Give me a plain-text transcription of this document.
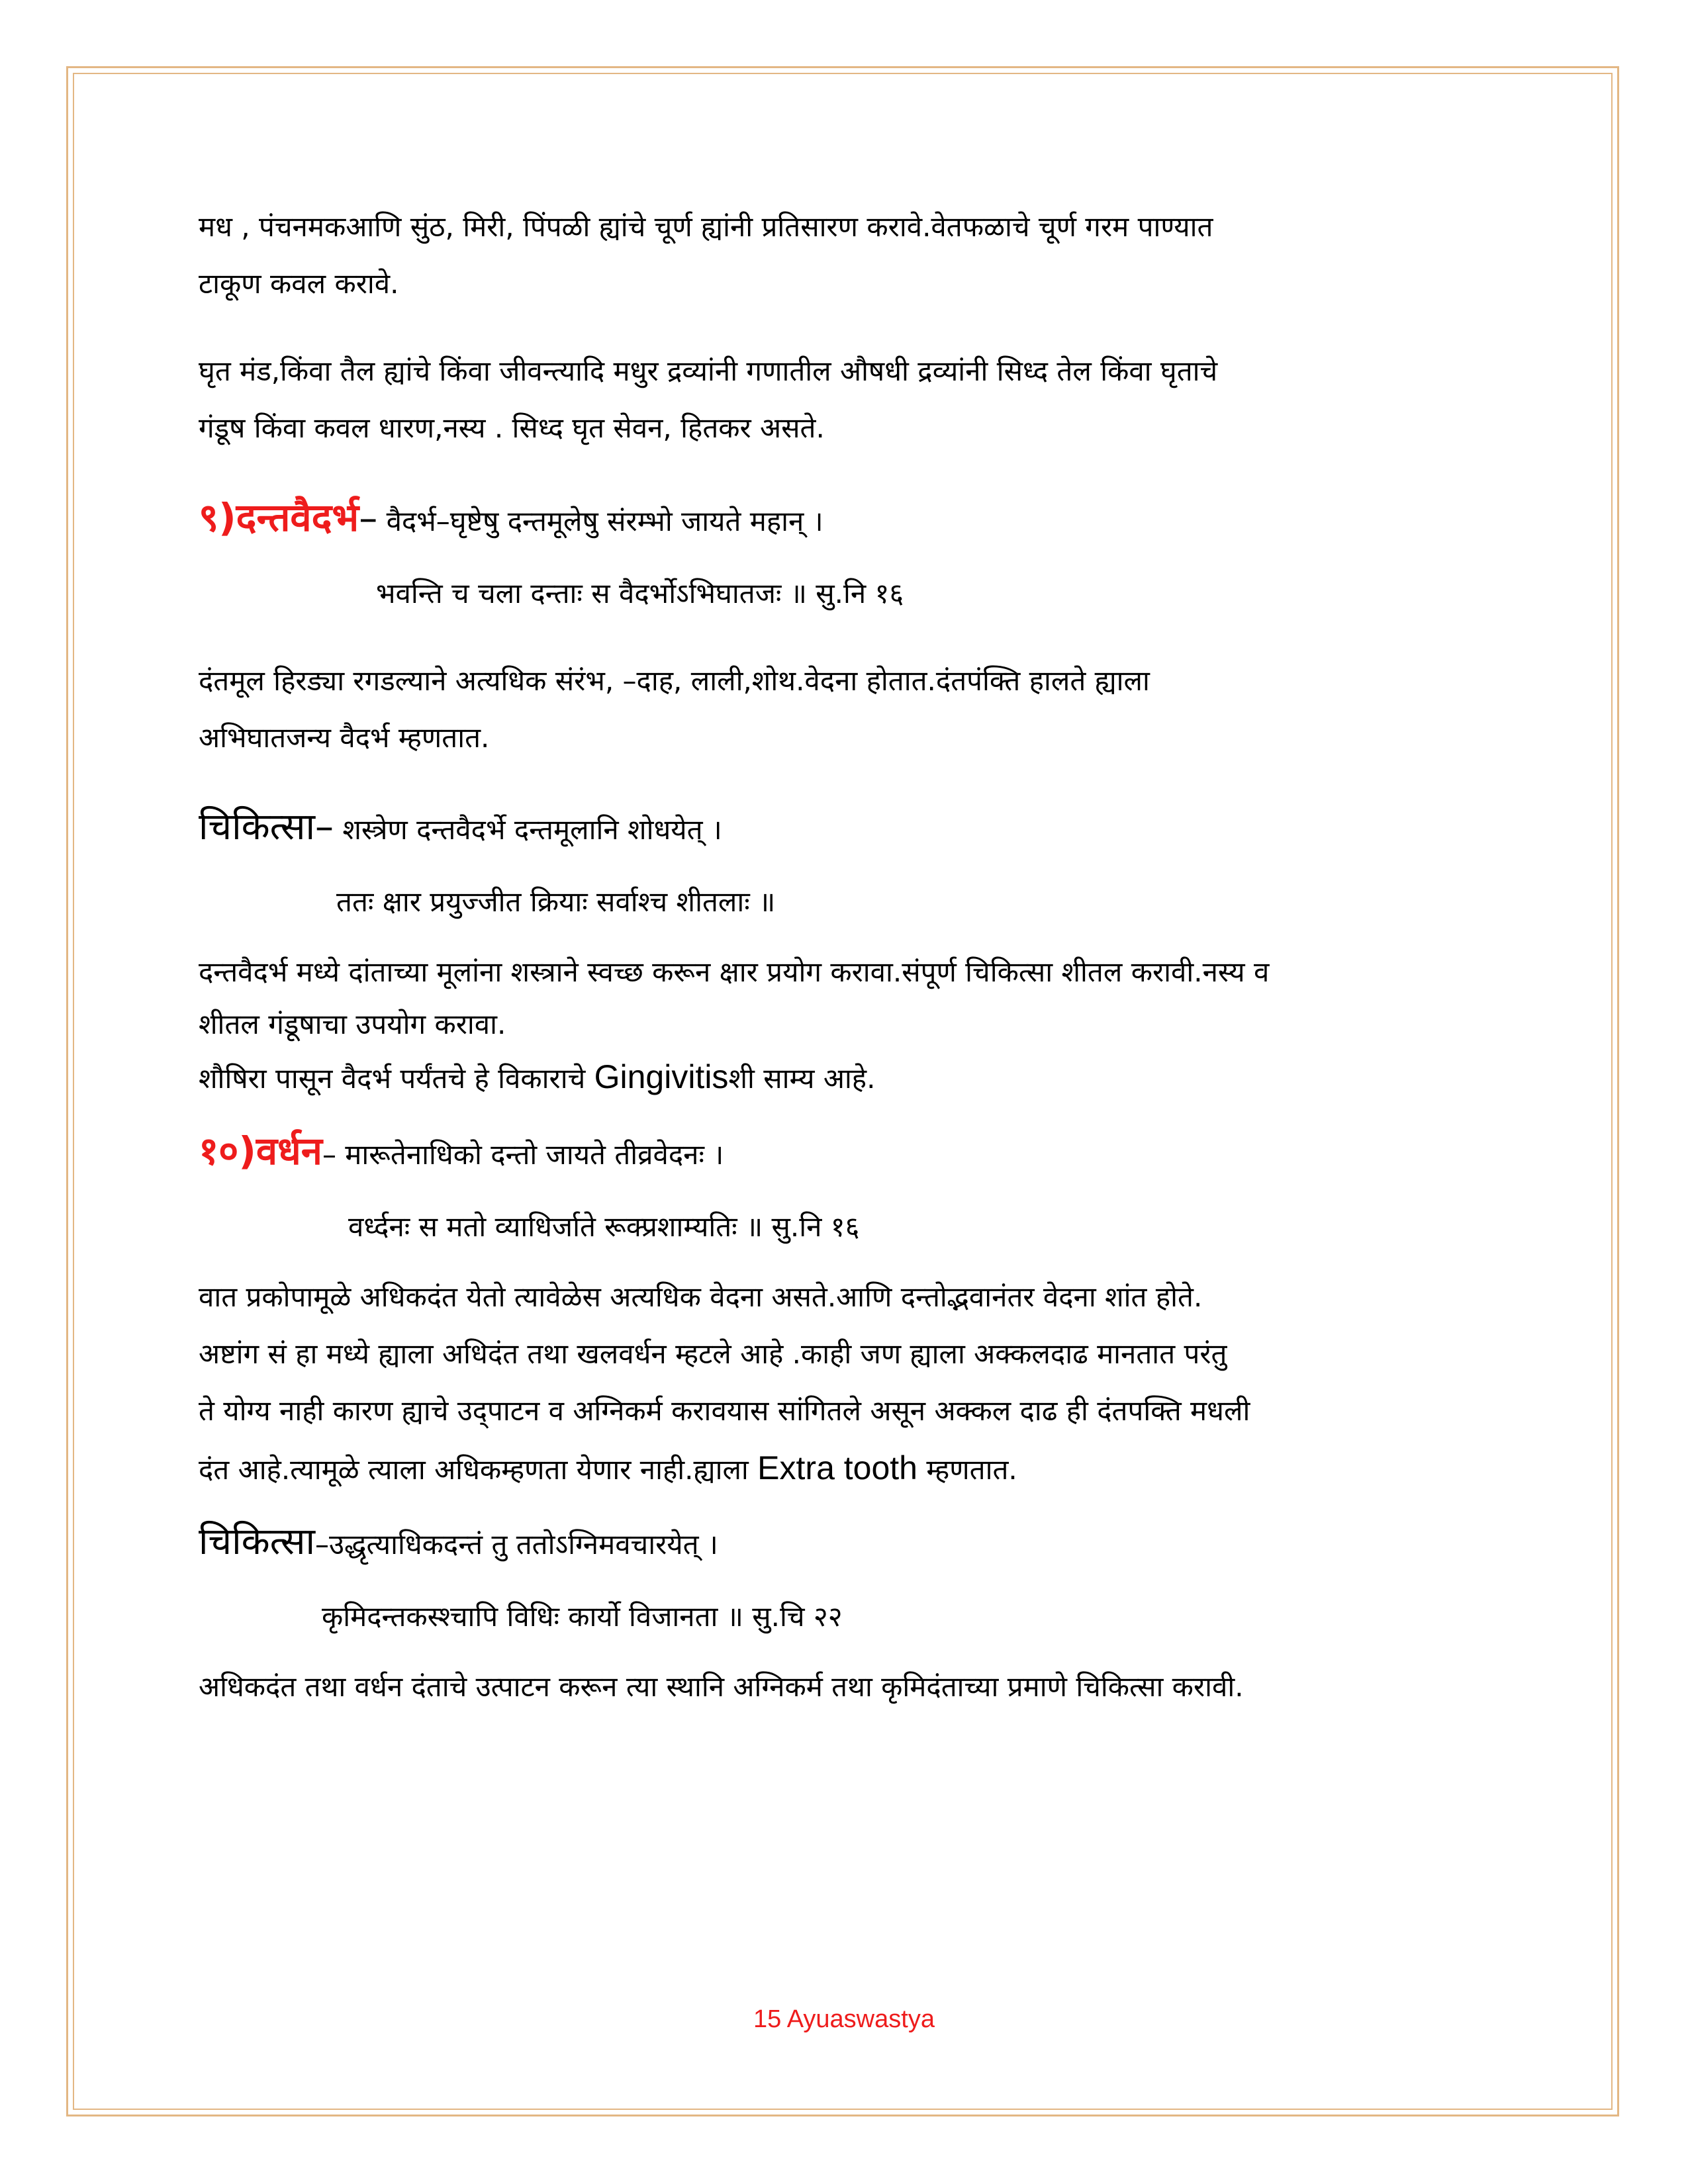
मध , पंचनमकआणि सुंठ, मिरी, पिंपळी ह्यांचे चूर्ण ह्यांनी प्रतिसारण करावे.वेतफळाचे चूर्ण गरम पाण्यात

टाकूण कवल करावे.

घृत मंड,किंवा तैल ह्यांचे किंवा जीवन्त्यादि मधुर द्रव्यांनी गणातील औषधी द्रव्यांनी सिध्द तेल किंवा घृताचे

गंडूष किंवा कवल धारण,नस्य . सिध्द घृत सेवन, हितकर असते.

९)दन्तवैदर्भ– वैदर्भ–घृष्टेषु दन्तमूलेषु संरम्भो जायते महान् ।

भवन्ति च चला दन्ताः स वैदर्भोऽभिघातजः ॥ सु.नि १६

दंतमूल हिरड्या रगडल्याने अत्यधिक संरंभ, –दाह, लाली,शोथ.वेदना होतात.दंतपंक्ति हालते ह्याला

अभिघातजन्य वैदर्भ म्हणतात.

चिकित्सा– शस्त्रेण दन्तवैदर्भे दन्तमूलानि शोधयेत् ।

ततः क्षार प्रयुज्जीत क्रियाः सर्वाश्च शीतलाः ॥

दन्तवैदर्भ मध्ये दांताच्या मूलांना शस्त्राने स्वच्छ करून क्षार प्रयोग करावा.संपूर्ण चिकित्सा शीतल करावी.नस्य व

शीतल गंडूषाचा उपयोग करावा.

शौषिरा पासून वैदर्भ पर्यंतचे हे विकाराचे Gingivitisशी साम्य आहे.

१०)वर्धन– मारूतेनाधिको दन्तो जायते तीव्रवेदनः ।

वर्ध्दनः स मतो व्याधिर्जाते रूक्प्रशाम्यतिः ॥ सु.नि १६

वात प्रकोपामूळे अधिकदंत येतो त्यावेळेस अत्यधिक वेदना असते.आणि दन्तोद्भवानंतर वेदना शांत होते.

अष्टांग सं हा मध्ये ह्याला अधिदंत तथा खलवर्धन म्हटले आहे .काही जण ह्याला अक्कलदाढ मानतात परंतु

ते योग्य नाही कारण ह्याचे उद्पाटन व अग्निकर्म करावयास सांगितले असून अक्कल दाढ ही दंतपक्ति मधली

दंत आहे.त्यामूळे त्याला अधिकम्हणता येणार नाही.ह्याला Extra tooth म्हणतात.

चिकित्सा–उद्धृत्याधिकदन्तं तु ततोऽग्निमवचारयेत् ।

कृमिदन्तकस्श्चापि विधिः कार्यो विजानता ॥ सु.चि २२

अधिकदंत तथा वर्धन दंताचे उत्पाटन करून त्या स्थानि अग्निकर्म तथा कृमिदंताच्या प्रमाणे चिकित्सा करावी.

15 Ayuaswastya
